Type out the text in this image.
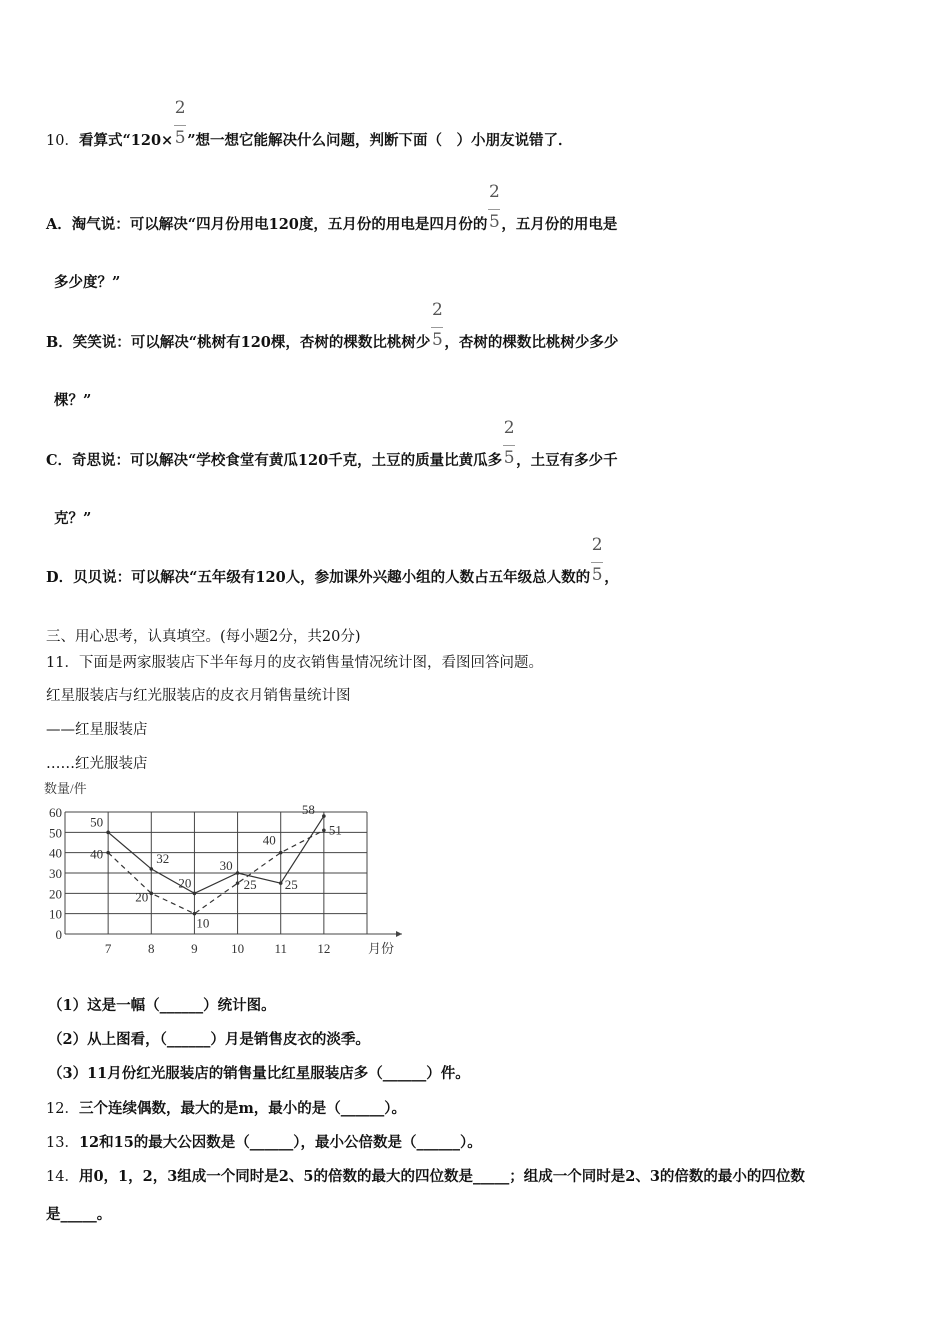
10．看算式“$120\times \frac{2}{5}$ ”想一想它能解决什么问题，判断下面（　）小朋友说错了．
A．淘气说：可以解决“四月份用电120度，五月份的用电是四月份的 $\frac{2}{5}$ ，五月份的用电是
多少度？”
B．笑笑说：可以解决“桃树有120棵，杏树的棵数比桃树少 $\frac{2}{5}$ ，杏树的棵数比桃树少多少
棵？”
C．奇思说：可以解决“学校食堂有黄瓜120千克，土豆的质量比黄瓜多 $\frac{2}{5}$ ，土豆有多少千
克？”
D．贝贝说：可以解决“五年级有120人，参加课外兴趣小组的人数占五年级总人数的 $\frac{2}{5}$ ，
三、用心思考，认真填空。(每小题2分，共20分)
11．下面是两家服装店下半年每月的皮衣销售量情况统计图，看图回答问题。
红星服装店与红光服装店的皮衣月销售量统计图
——红星服装店
……红光服装店
数量/件
0
10
20
30
40
50
60
7	8	9	10 11 12	月份
50
32
20
30
25
58
40
20
10
25
40
51
（1）这是一幅（______）统计图。
（2）从上图看，（______）月是销售皮衣的淡季。
（3）11月份红光服装店的销售量比红星服装店多（______）件。
12．三个连续偶数，最大的是m，最小的是（______）。
13．12和15的最大公因数是（______），最小公倍数是（______）。
14．用0，1，2，3组成一个同时是2、5的倍数的最大的四位数是_____；组成一个同时是2、3的倍数的最小的四位数
是_____。
